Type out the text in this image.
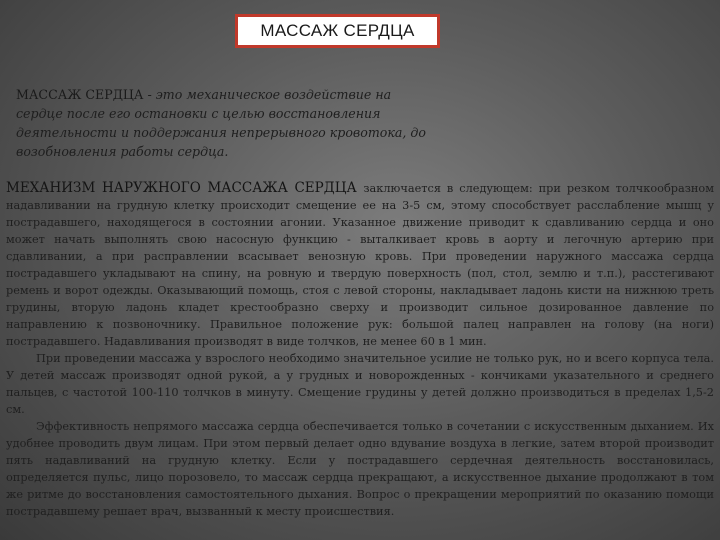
МАССАЖ СЕРДЦА
МАССАЖ СЕРДЦА - это механическое воздействие на сердце после его остановки с целью восстановления деятельности и поддержания непрерывного кровотока, до возобновления работы сердца.

МЕХАНИЗМ НАРУЖНОГО МАССАЖА СЕРДЦА заключается в следующем: при резком толчкообразном надавливании на грудную клетку происходит смещение ее на 3-5 см, этому способствует расслабление мышц у пострадавшего, находящегося в состоянии агонии. Указанное движение приводит к сдавливанию сердца и оно может начать выполнять свою насосную функцию - выталкивает кровь в аорту и легочную артерию при сдавливании, а при расправлении всасывает венозную кровь. При проведении наружного массажа сердца пострадавшего укладывают на спину, на ровную и твердую поверхность (пол, стол, землю и т.п.), расстегивают ремень и ворот одежды. Оказывающий помощь, стоя с левой стороны, накладывает ладонь кисти на нижнюю треть грудины, вторую ладонь кладет крестообразно сверху и производит сильное дозированное давление по направлению к позвоночнику. Правильное положение рук: большой палец направлен на голову (на ноги) пострадавшего. Надавливания производят в виде толчков, не менее 60 в 1 мин.

При проведении массажа у взрослого необходимо значительное усилие не только рук, но и всего корпуса тела. У детей массаж производят одной рукой, а у грудных и новорожденных - кончиками указательного и среднего пальцев, с частотой 100-110 толчков в минуту. Смещение грудины у детей должно производиться в пределах 1,5-2 см.

Эффективность непрямого массажа сердца обеспечивается только в сочетании с искусственным дыханием. Их удобнее проводить двум лицам. При этом первый делает одно вдувание воздуха в легкие, затем второй производит пять надавливаний на грудную клетку. Если у пострадавшего сердечная деятельность восстановилась, определяется пульс, лицо порозовело, то массаж сердца прекращают, а искусственное дыхание продолжают в том же ритме до восстановления самостоятельного дыхания. Вопрос о прекращении мероприятий по оказанию помощи пострадавшему решает врач, вызванный к месту происшествия.
